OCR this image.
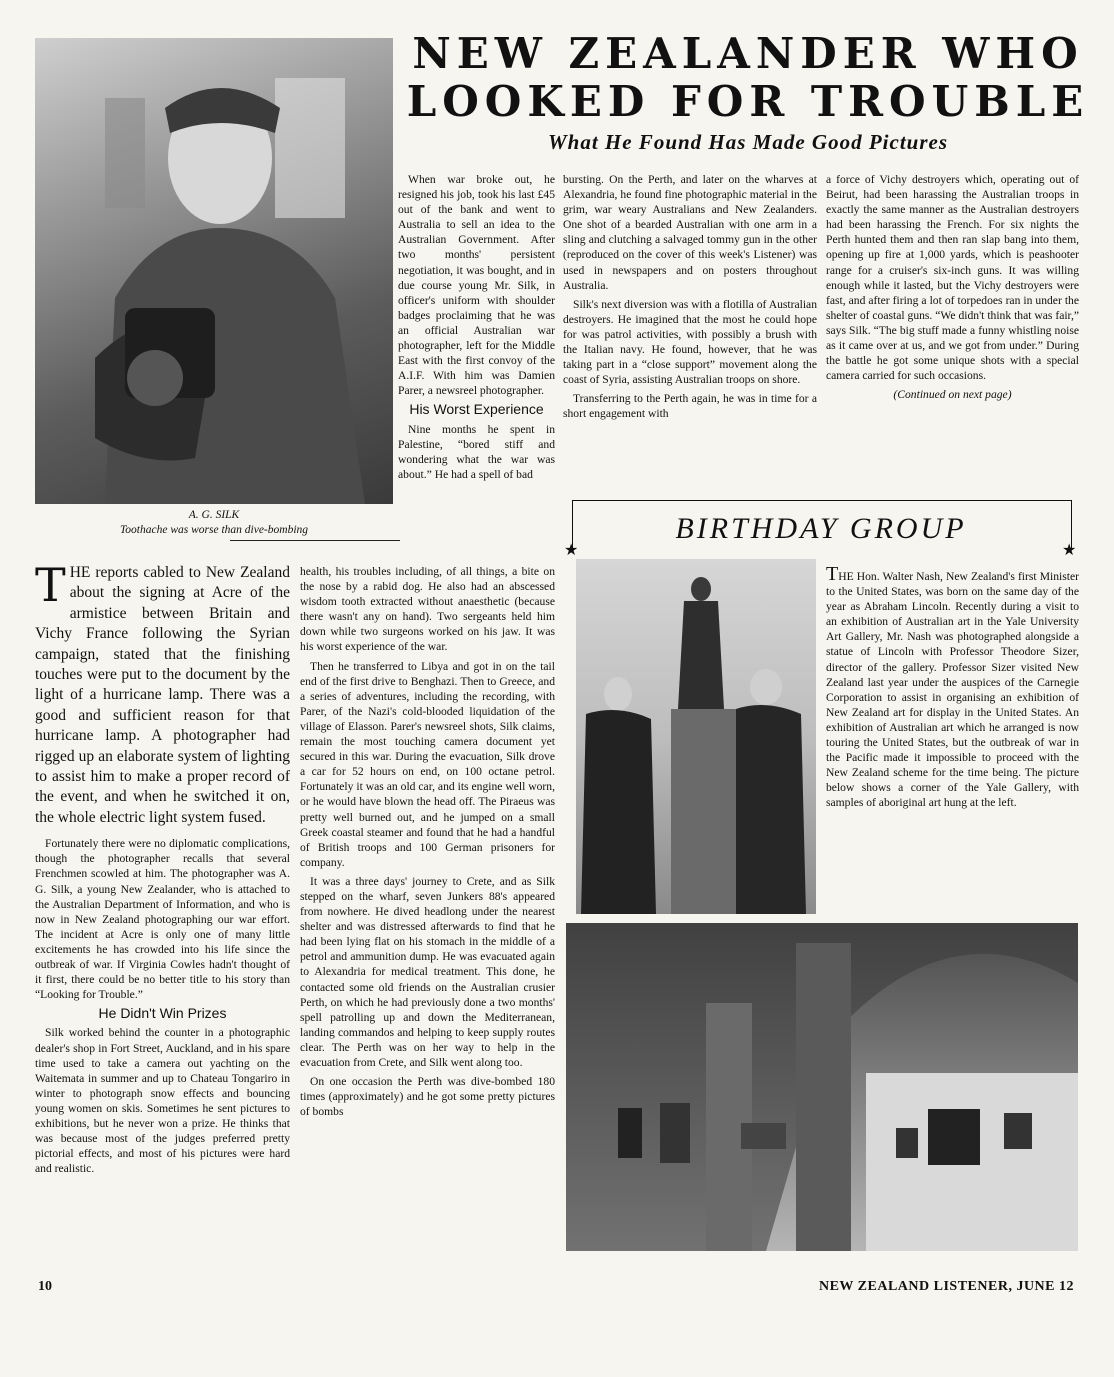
NEW ZEALANDER WHO
LOOKED FOR TROUBLE
What He Found Has Made Good Pictures
A. G. SILK
Toothache was worse than dive-bombing

THE reports cabled to New Zealand about the signing at Acre of the armistice between Britain and Vichy France following the Syrian campaign, stated that the finishing touches were put to the document by the light of a hurricane lamp. There was a good and sufficient reason for that hurricane lamp. A photographer had rigged up an elaborate system of lighting to assist him to make a proper record of the event, and when he switched it on, the whole electric light system fused.

Fortunately there were no diplomatic complications, though the photographer recalls that several Frenchmen scowled at him. The photographer was A. G. Silk, a young New Zealander, who is attached to the Australian Department of Information, and who is now in New Zealand photographing our war effort. The incident at Acre is only one of many little excitements he has crowded into his life since the outbreak of war. If Virginia Cowles hadn't thought of it first, there could be no better title to his story than “Looking for Trouble.”

He Didn't Win Prizes

Silk worked behind the counter in a photographic dealer's shop in Fort Street, Auckland, and in his spare time used to take a camera out yachting on the Waitemata in summer and up to Chateau Tongariro in winter to photograph snow effects and bouncing young women on skis. Sometimes he sent pictures to exhibitions, but he never won a prize. He thinks that was because most of the judges preferred pretty pictorial effects, and most of his pictures were hard and realistic.

When war broke out, he resigned his job, took his last £45 out of the bank and went to Australia to sell an idea to the Australian Government. After two months' persistent negotiation, it was bought, and in due course young Mr. Silk, in officer's uniform with shoulder badges proclaiming that he was an official Australian war photographer, left for the Middle East with the first convoy of the A.I.F. With him was Damien Parer, a newsreel photographer.

His Worst Experience

Nine months he spent in Palestine, “bored stiff and wondering what the war was about.” He had a spell of bad

health, his troubles including, of all things, a bite on the nose by a rabid dog. He also had an abscessed wisdom tooth extracted without anaesthetic (because there wasn't any on hand). Two sergeants held him down while two surgeons worked on his jaw. It was his worst experience of the war.

Then he transferred to Libya and got in on the tail end of the first drive to Benghazi. Then to Greece, and a series of adventures, including the recording, with Parer, of the Nazi's cold-blooded liquidation of the village of Elasson. Parer's newsreel shots, Silk claims, remain the most touching camera document yet secured in this war. During the evacuation, Silk drove a car for 52 hours on end, on 100 octane petrol. Fortunately it was an old car, and its engine well worn, or he would have blown the head off. The Piraeus was pretty well burned out, and he jumped on a small Greek coastal steamer and found that he had a handful of British troops and 100 German prisoners for company.

It was a three days' journey to Crete, and as Silk stepped on the wharf, seven Junkers 88's appeared from nowhere. He dived headlong under the nearest shelter and was distressed afterwards to find that he had been lying flat on his stomach in the middle of a petrol and ammunition dump. He was evacuated again to Alexandria for medical treatment. This done, he contacted some old friends on the Australian crusier Perth, on which he had previously done a two months' spell patrolling up and down the Mediterranean, landing commandos and helping to keep supply routes clear. The Perth was on her way to help in the evacuation from Crete, and Silk went along too.

On one occasion the Perth was dive-bombed 180 times (approximately) and he got some pretty pictures of bombs

bursting. On the Perth, and later on the wharves at Alexandria, he found fine photographic material in the grim, war weary Australians and New Zealanders. One shot of a bearded Australian with one arm in a sling and clutching a salvaged tommy gun in the other (reproduced on the cover of this week's Listener) was used in newspapers and on posters throughout Australia.

Silk's next diversion was with a flotilla of Australian destroyers. He imagined that the most he could hope for was patrol activities, with possibly a brush with the Italian navy. He found, however, that he was taking part in a “close support” movement along the coast of Syria, assisting Australian troops on shore.

Transferring to the Perth again, he was in time for a short engagement with

a force of Vichy destroyers which, operating out of Beirut, had been harassing the Australian troops in exactly the same manner as the Australian destroyers had been harassing the French. For six nights the Perth hunted them and then ran slap bang into them, opening up fire at 1,000 yards, which is peashooter range for a cruiser's six-inch guns. It was willing enough while it lasted, but the Vichy destroyers were fast, and after firing a lot of torpedoes ran in under the shelter of coastal guns. “We didn't think that was fair,” says Silk. “The big stuff made a funny whistling noise as it came over at us, and we got from under.” During the battle he got some unique shots with a special camera carried for such occasions.

(Continued on next page)

★	★
BIRTHDAY GROUP

THE Hon. Walter Nash, New Zealand's first Minister to the United States, was born on the same day of the year as Abraham Lincoln. Recently during a visit to an exhibition of Australian art in the Yale University Art Gallery, Mr. Nash was photographed alongside a statue of Lincoln with Professor Theodore Sizer, director of the gallery. Professor Sizer visited New Zealand last year under the auspices of the Carnegie Corporation to assist in organising an exhibition of New Zealand art for display in the United States. An exhibition of Australian art which he arranged is now touring the United States, but the outbreak of war in the Pacific made it impossible to proceed with the New Zealand scheme for the time being. The picture below shows a corner of the Yale Gallery, with samples of aboriginal art hung at the left.

10	NEW ZEALAND LISTENER, JUNE 12
